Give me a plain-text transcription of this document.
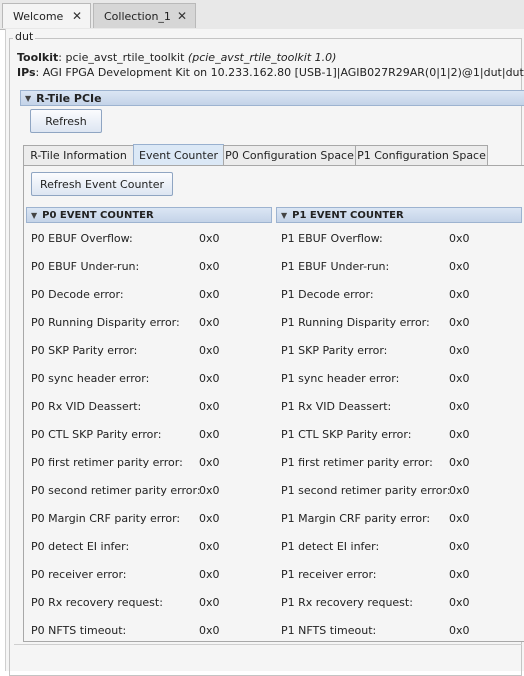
Welcome ✕ Collection_1 ✕
dut
Toolkit: pcie_avst_rtile_toolkit (pcie_avst_rtile_toolkit 1.0)
IPs: AGI FPGA Development Kit on 10.233.162.80 [USB-1]|AGIB027R29AR(0|1|2)@1|dut|dut
▼ R-Tile PCIe
Refresh
R-Tile Information Event Counter P0 Configuration Space P1 Configuration Space
Refresh Event Counter
▼ P0 EVENT COUNTER	▼ P1 EVENT COUNTER
P0 EBUF Overflow:	0x0
P0 EBUF Under-run:	0x0
P0 Decode error:	0x0
P0 Running Disparity error: 0x0
P0 SKP Parity error:	0x0
P0 sync header error:	0x0
P0 Rx VID Deassert:	0x0
P0 CTL SKP Parity error:	0x0
P0 first retimer parity error: 0x0
P0 second retimer parity error:
0x0
P0 Margin CRF parity error: 0x0
P0 detect EI infer:	0x0
P0 receiver error:	0x0
P0 Rx recovery request:	0x0
P0 NFTS timeout:	0x0
P1 EBUF Overflow:	0x0
P1 EBUF Under-run:	0x0
P1 Decode error:	0x0
P1 Running Disparity error: 0x0
P1 SKP Parity error:	0x0
P1 sync header error:	0x0
P1 Rx VID Deassert:	0x0
P1 CTL SKP Parity error:	0x0
P1 first retimer parity error: 0x0
P1 second retimer parity error:
0x0
P1 Margin CRF parity error: 0x0
P1 detect EI infer:	0x0
P1 receiver error:	0x0
P1 Rx recovery request:	0x0
P1 NFTS timeout:	0x0
